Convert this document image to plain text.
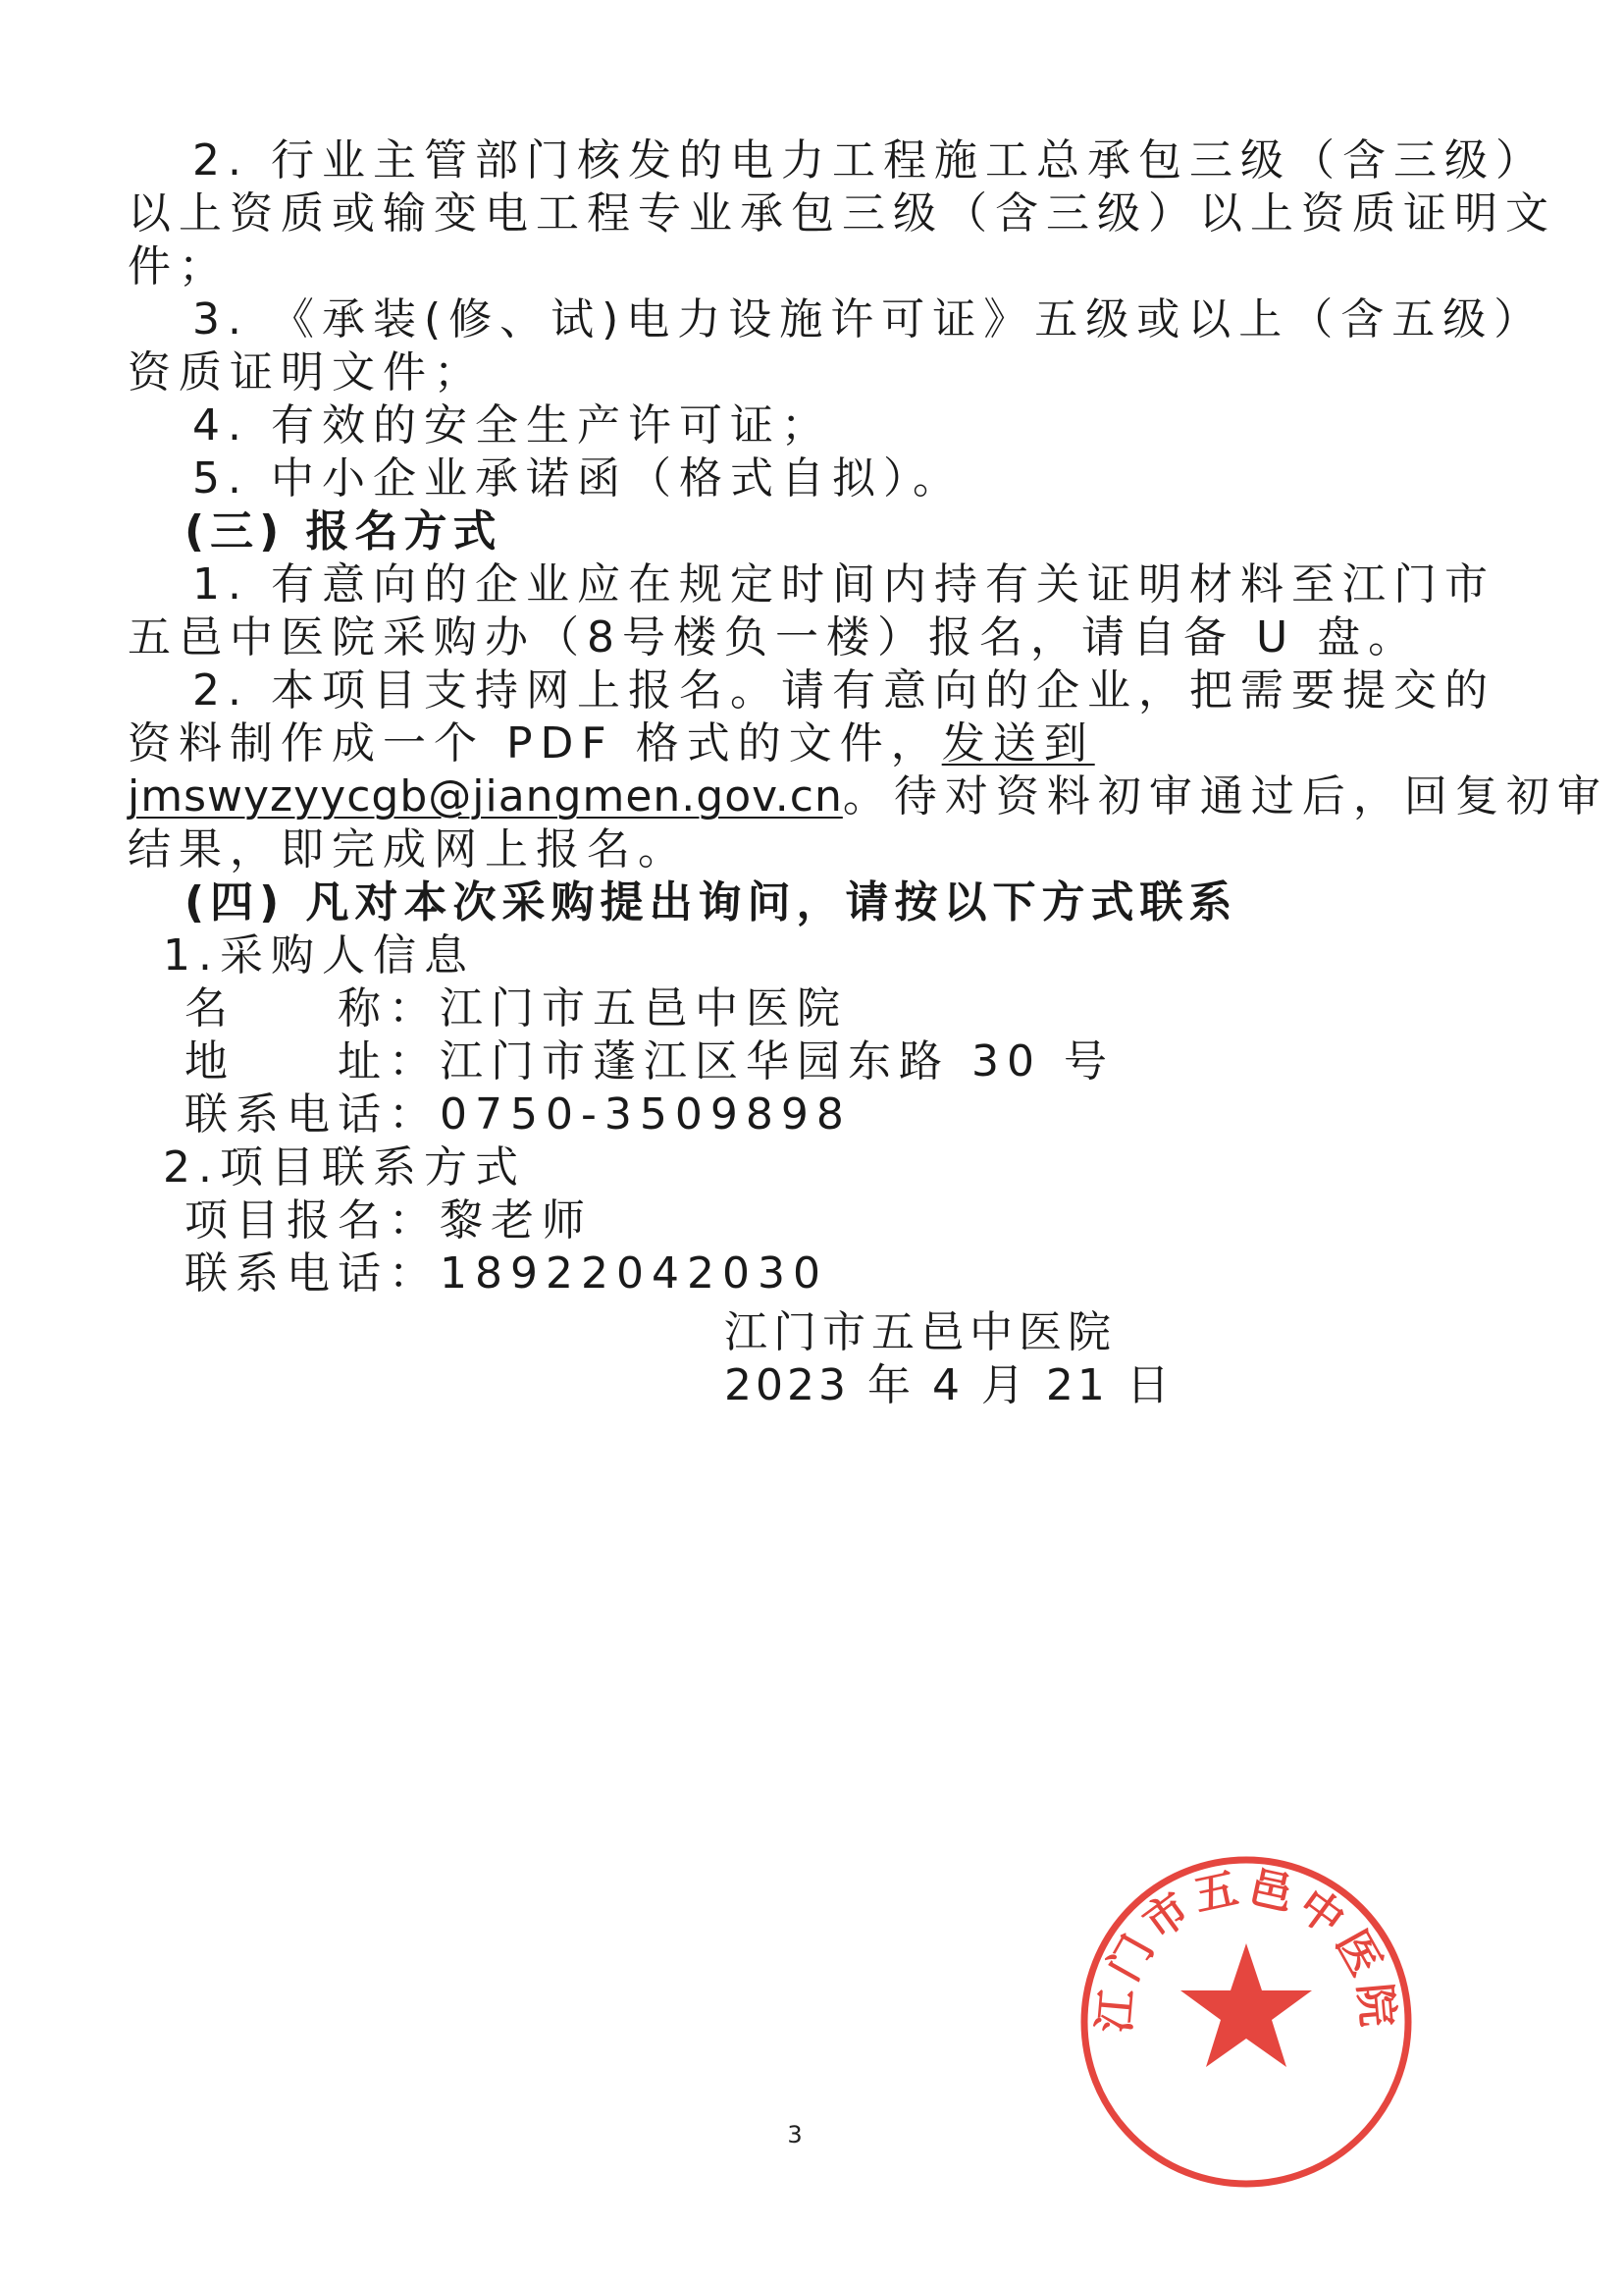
2. 行业主管部门核发的电力工程施工总承包三级（含三级）
以上资质或输变电工程专业承包三级（含三级）以上资质证明文
件；
3. 《承装(修、试)电力设施许可证》五级或以上（含五级）
资质证明文件；
4. 有效的安全生产许可证；
5. 中小企业承诺函（格式自拟）。
(三) 报名方式
1. 有意向的企业应在规定时间内持有关证明材料至江门市
五邑中医院采购办（8号楼负一楼）报名，请自备 U 盘。
2. 本项目支持网上报名。请有意向的企业，把需要提交的
资料制作成一个 PDF 格式的文件，发送到
jmswyzyycgb@jiangmen.gov.cn。待对资料初审通过后，回复初审
结果，即完成网上报名。
(四) 凡对本次采购提出询问，请按以下方式联系
1.采购人信息
名　　称：江门市五邑中医院
地　　址：江门市蓬江区华园东路 30 号
联系电话：0750-3509898
2.项目联系方式
项目报名：黎老师
联系电话：18922042030
江门市五邑中医院
江门市五邑中医院
2023 年 4 月 21 日
3
